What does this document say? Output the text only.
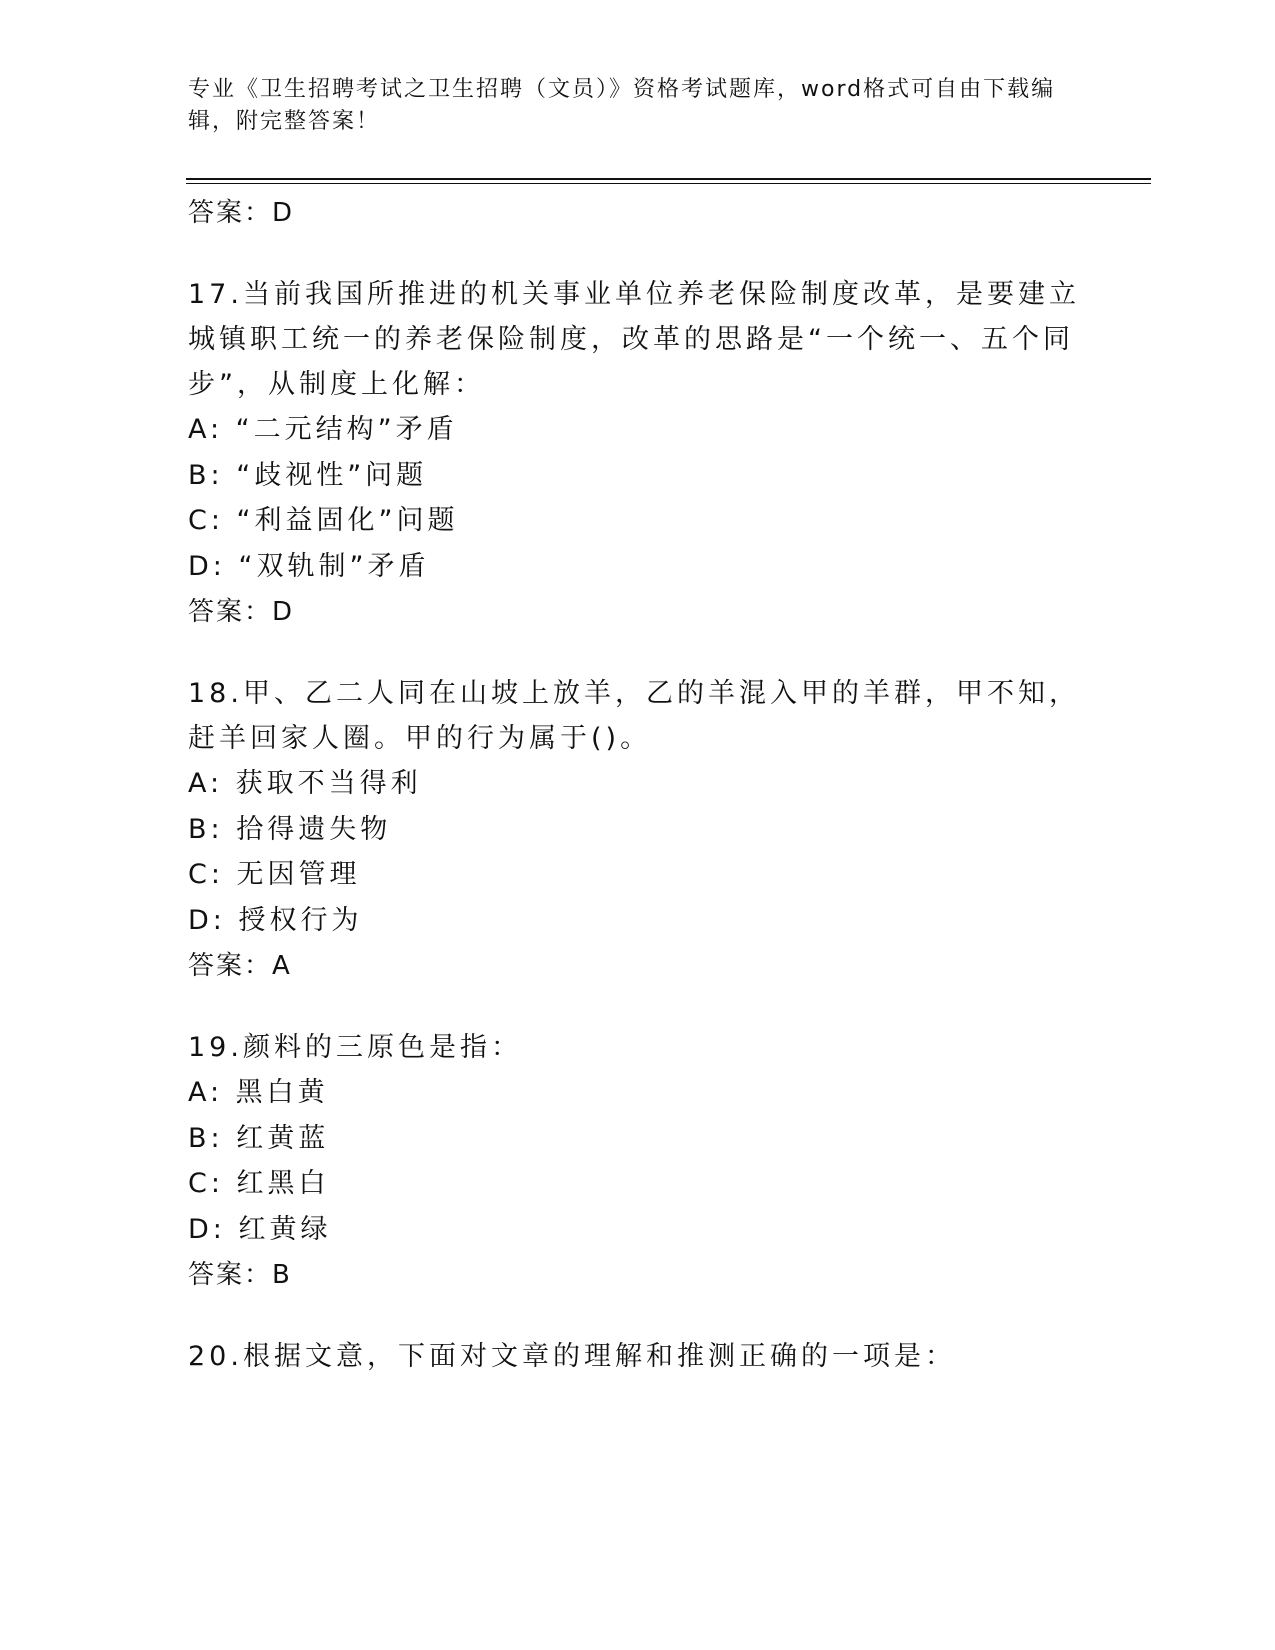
专业《卫生招聘考试之卫生招聘（文员）》资格考试题库，word格式可自由下载编辑，附完整答案！
答案：D
17.当前我国所推进的机关事业单位养老保险制度改革，是要建立城镇职工统一的养老保险制度，改革的思路是“一个统一、五个同步”，从制度上化解：
A: “二元结构”矛盾
B: “歧视性”问题
C: “利益固化”问题
D: “双轨制”矛盾
答案：D
18.甲、乙二人同在山坡上放羊，乙的羊混入甲的羊群，甲不知，赶羊回家人圈。甲的行为属于()。
A: 获取不当得利
B: 拾得遗失物
C: 无因管理
D: 授权行为
答案：A
19.颜料的三原色是指：
A: 黑白黄
B: 红黄蓝
C: 红黑白
D: 红黄绿
答案：B
20.根据文意，下面对文章的理解和推测正确的一项是：
